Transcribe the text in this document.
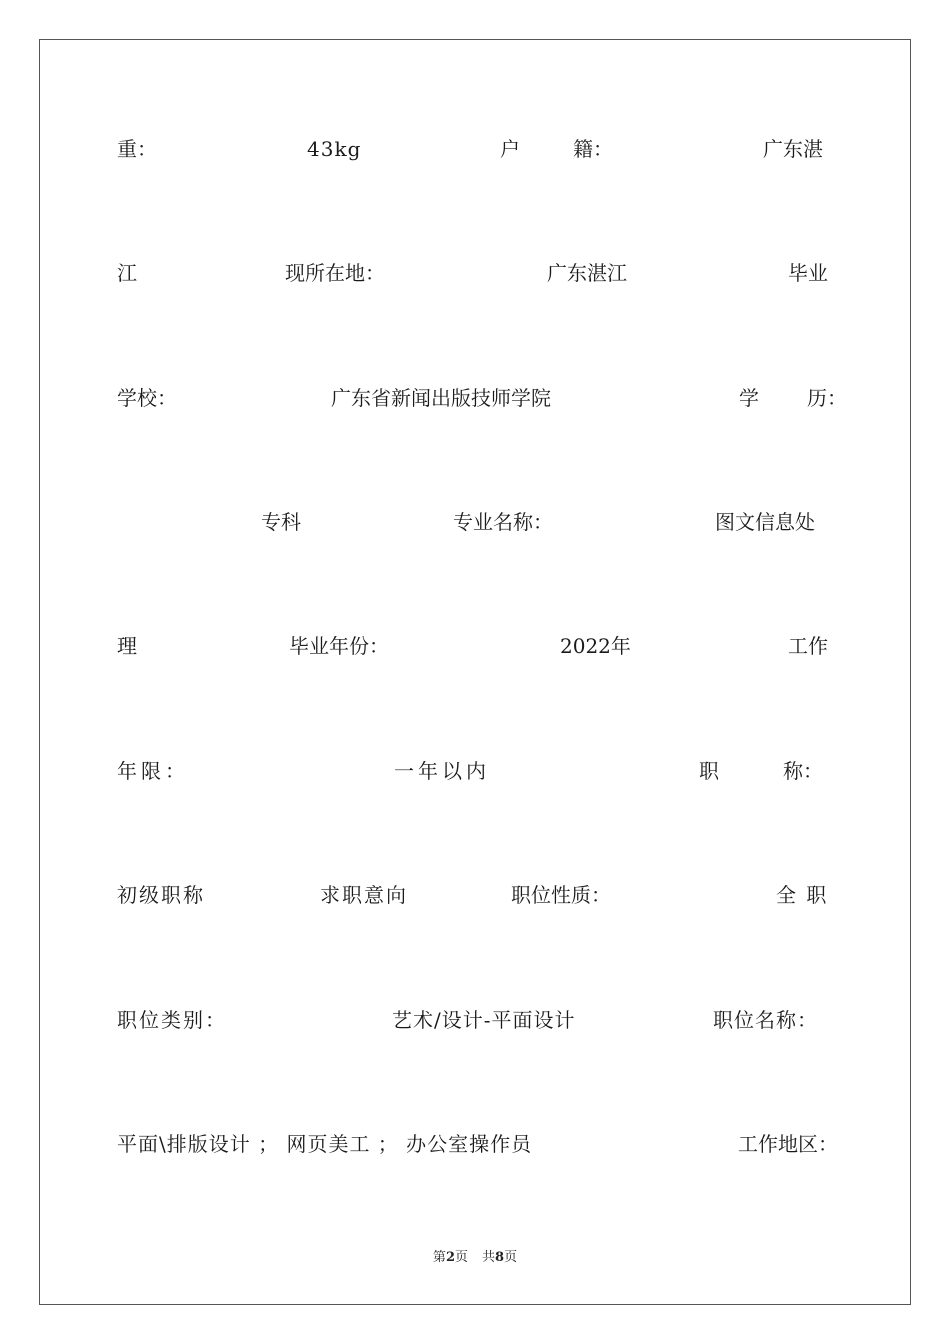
重：	43kg	户	籍：	广东湛
江	现所在地：	广东湛江	毕业
学校：	广东省新闻出版技师学院	学 历：
专科	专业名称：	图文信息处
理	毕业年份：	2022年	工作
年限：	一年以内	职	称：
初级职称	求职意向	职位性质：	全 职
职位类别：	艺术/设计-平面设计	职位名称：
平面\排版设计 ； 网页美工 ； 办公室操作员	工作地区：
第2页 共8页
